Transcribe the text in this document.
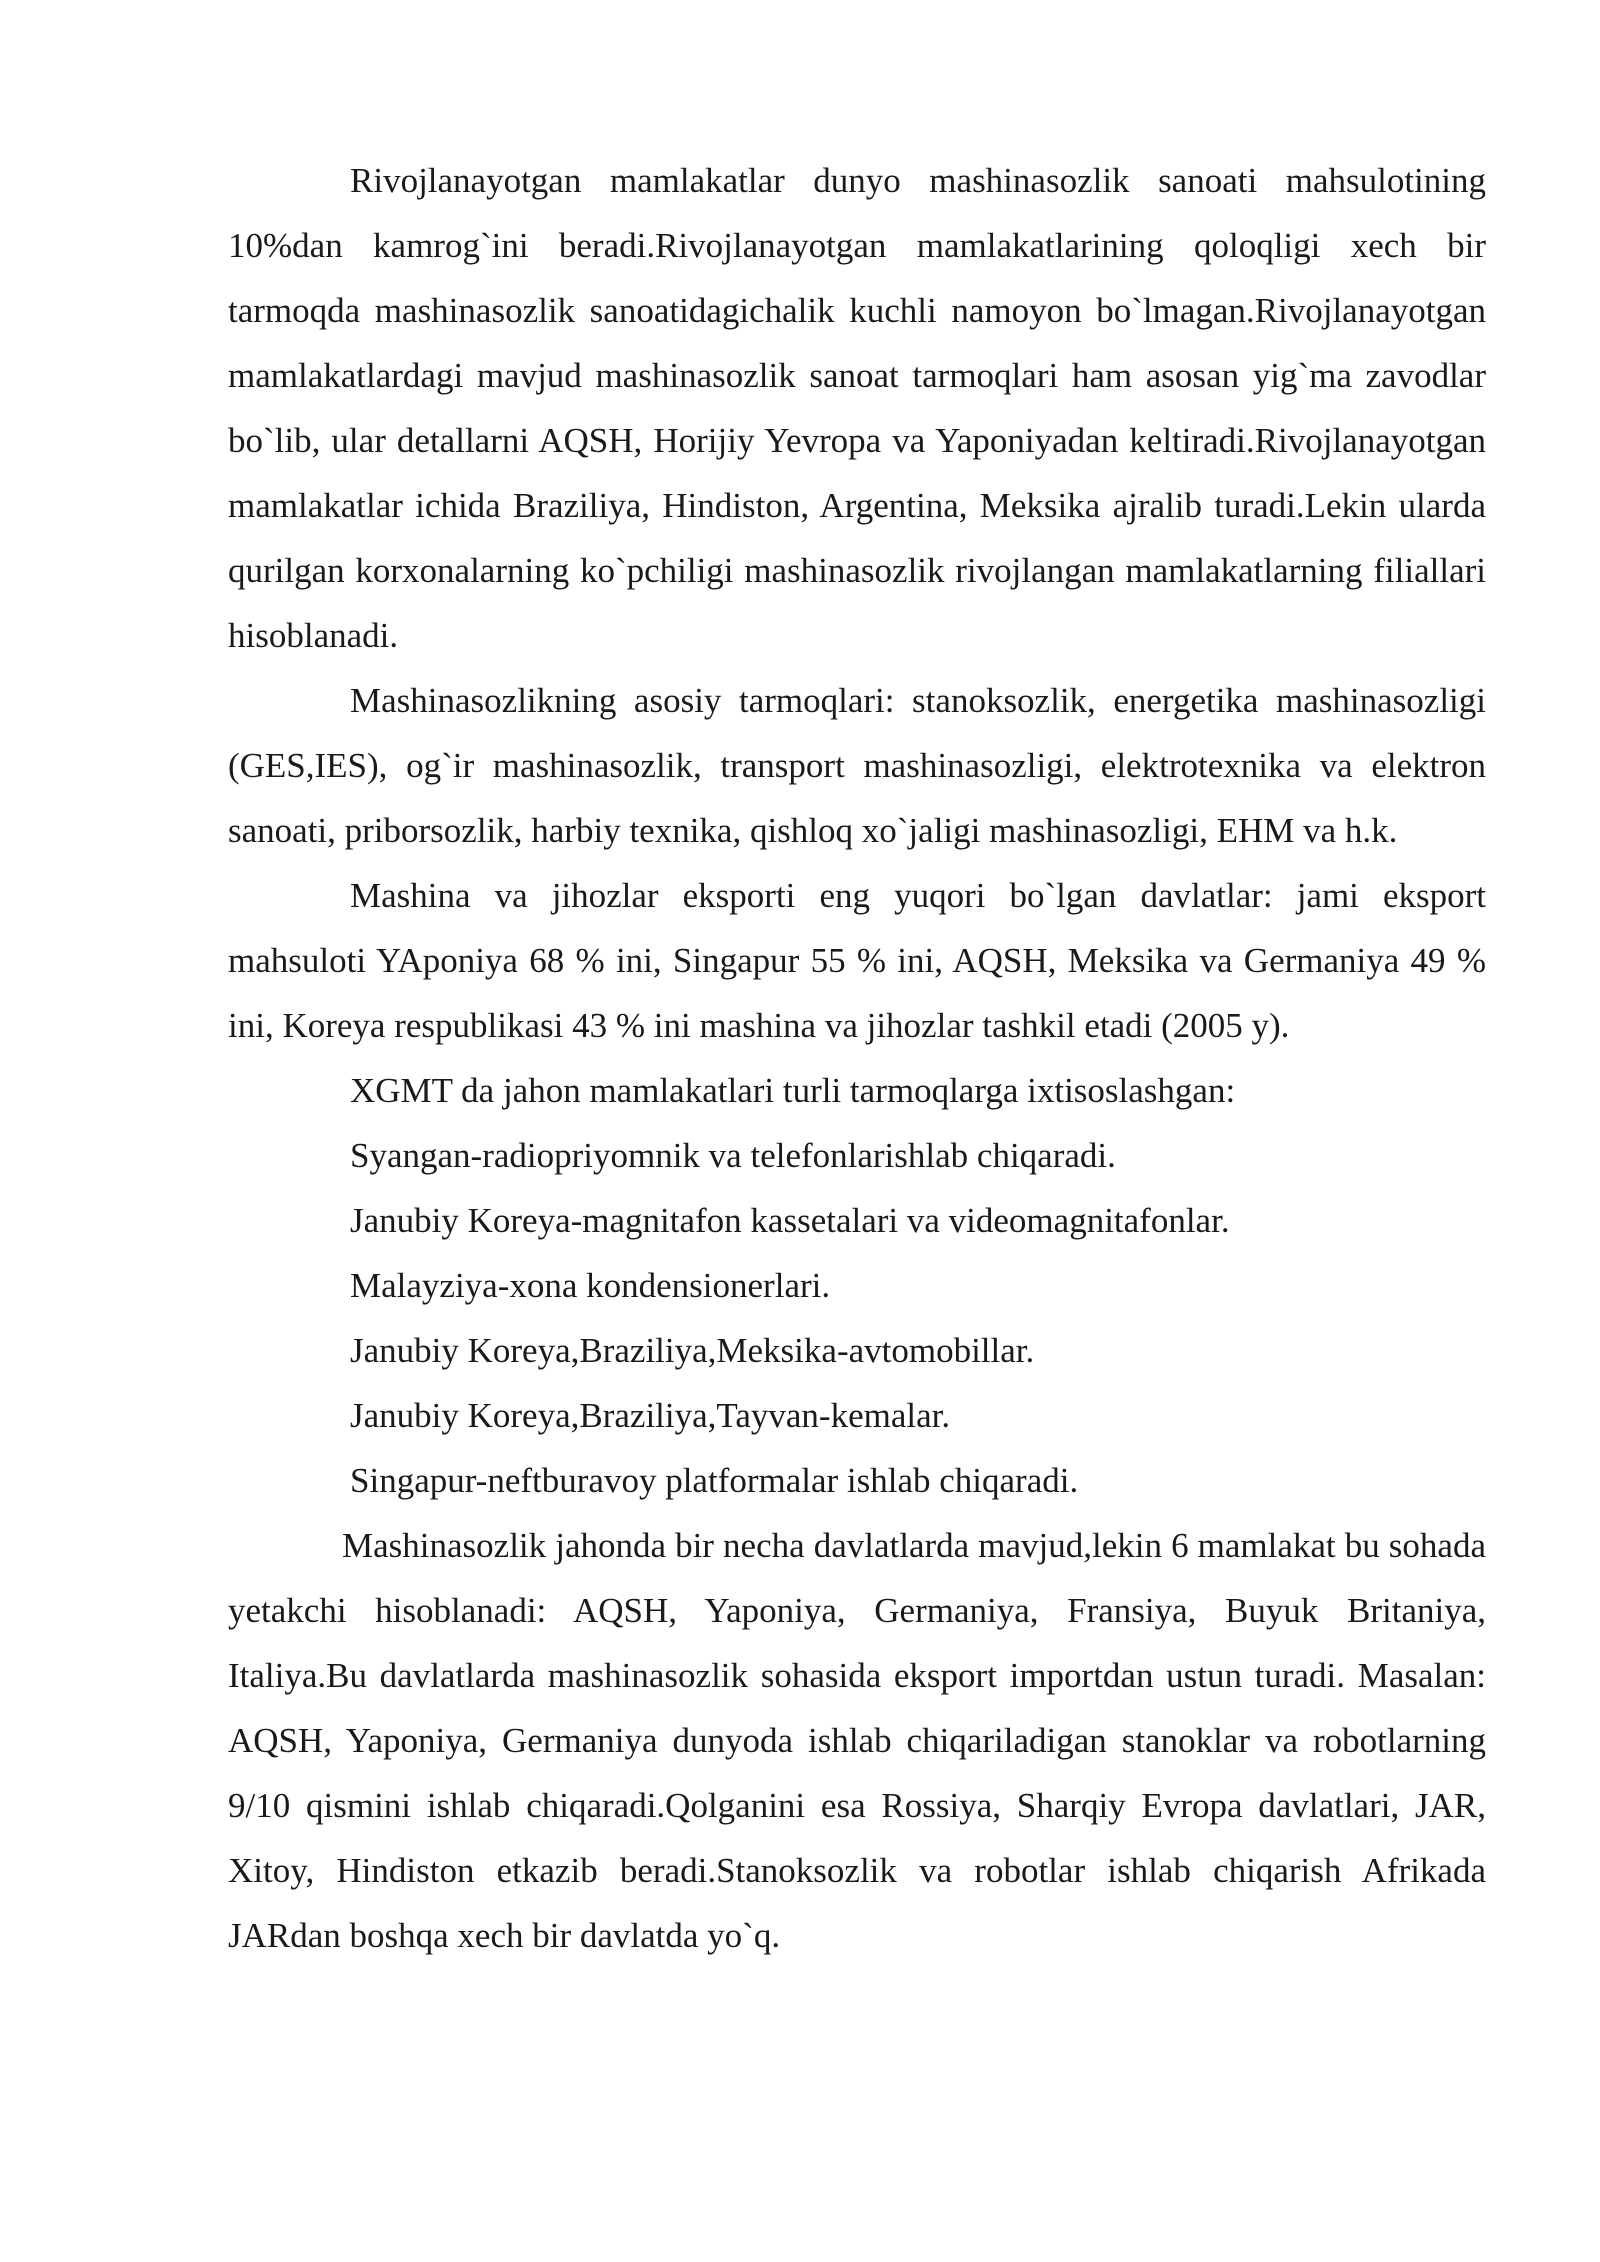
Rivojlanayotgan mamlakatlar dunyo mashinasozlik sanoati mahsulotining 10%dan kamrog`ini beradi.Rivojlanayotgan mamlakatlarining qoloqligi xech bir tarmoqda mashinasozlik sanoatidagichalik kuchli namoyon bo`lmagan.Rivojlanayotgan mamlakatlardagi mavjud mashinasozlik sanoat tarmoqlari ham asosan yig`ma zavodlar bo`lib, ular detallarni AQSH, Horijiy Yevropa va Yaponiyadan keltiradi.Rivojlanayotgan mamlakatlar ichida Braziliya, Hindiston, Argentina, Meksika ajralib turadi.Lekin ularda qurilgan korxonalarning ko`pchiligi mashinasozlik rivojlangan mamlakatlarning filiallari hisoblanadi.

Mashinasozlikning asosiy tarmoqlari: stanoksozlik, energetika mashinasozligi (GES,IES), og`ir mashinasozlik, transport mashinasozligi, elektrotexnika va elektron sanoati, priborsozlik, harbiy texnika, qishloq xo`jaligi mashinasozligi, EHM va h.k.

Mashina va jihozlar eksporti eng yuqori bo`lgan davlatlar: jami eksport mahsuloti YAponiya 68 % ini, Singapur 55 % ini, AQSH, Meksika va Germaniya 49 % ini, Koreya respublikasi 43 % ini mashina va jihozlar tashkil etadi (2005 y).

XGMT da jahon mamlakatlari turli tarmoqlarga ixtisoslashgan:

Syangan-radiopriyomnik va telefonlarishlab chiqaradi.

Janubiy Koreya-magnitafon kassetalari va videomagnitafonlar.

Malayziya-xona kondensionerlari.

Janubiy Koreya,Braziliya,Meksika-avtomobillar.

Janubiy Koreya,Braziliya,Tayvan-kemalar.

Singapur-neftburavoy platformalar ishlab chiqaradi.

Mashinasozlik jahonda bir necha davlatlarda mavjud,lekin 6 mamlakat bu sohada yetakchi hisoblanadi: AQSH, Yaponiya, Germaniya, Fransiya, Buyuk Britaniya, Italiya.Bu davlatlarda mashinasozlik sohasida eksport importdan ustun turadi. Masalan: AQSH, Yaponiya, Germaniya dunyoda ishlab chiqariladigan stanoklar va robotlarning 9/10 qismini ishlab chiqaradi.Qolganini esa Rossiya, Sharqiy Evropa davlatlari, JAR, Xitoy, Hindiston etkazib beradi.Stanoksozlik va robotlar ishlab chiqarish Afrikada JARdan boshqa xech bir davlatda yo`q.
